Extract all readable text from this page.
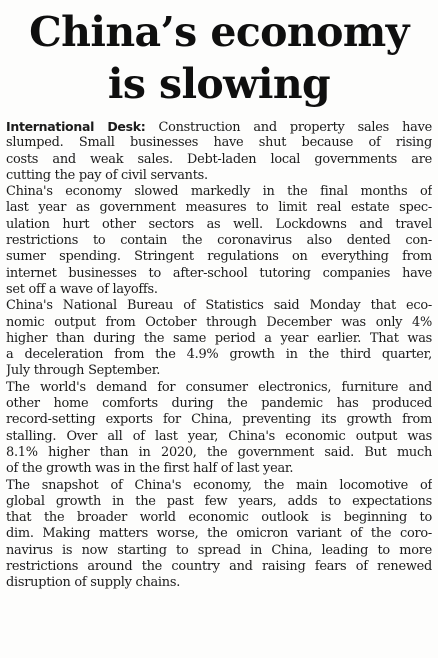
China’s economy
is slowing
International Desk: Construction and property sales have
slumped. Small businesses have shut because of rising
costs and weak sales. Debt-laden local governments are
cutting the pay of civil servants.
China's economy slowed markedly in the final months of
last year as government measures to limit real estate spec-
ulation hurt other sectors as well. Lockdowns and travel
restrictions to contain the coronavirus also dented con-
sumer spending. Stringent regulations on everything from
internet businesses to after-school tutoring companies have
set off a wave of layoffs.
China's National Bureau of Statistics said Monday that eco-
nomic output from October through December was only 4%
higher than during the same period a year earlier. That was
a deceleration from the 4.9% growth in the third quarter,
July through September.
The world's demand for consumer electronics, furniture and
other home comforts during the pandemic has produced
record-setting exports for China, preventing its growth from
stalling. Over all of last year, China's economic output was
8.1% higher than in 2020, the government said. But much
of the growth was in the first half of last year.
The snapshot of China's economy, the main locomotive of
global growth in the past few years, adds to expectations
that the broader world economic outlook is beginning to
dim. Making matters worse, the omicron variant of the coro-
navirus is now starting to spread in China, leading to more
restrictions around the country and raising fears of renewed
disruption of supply chains.
